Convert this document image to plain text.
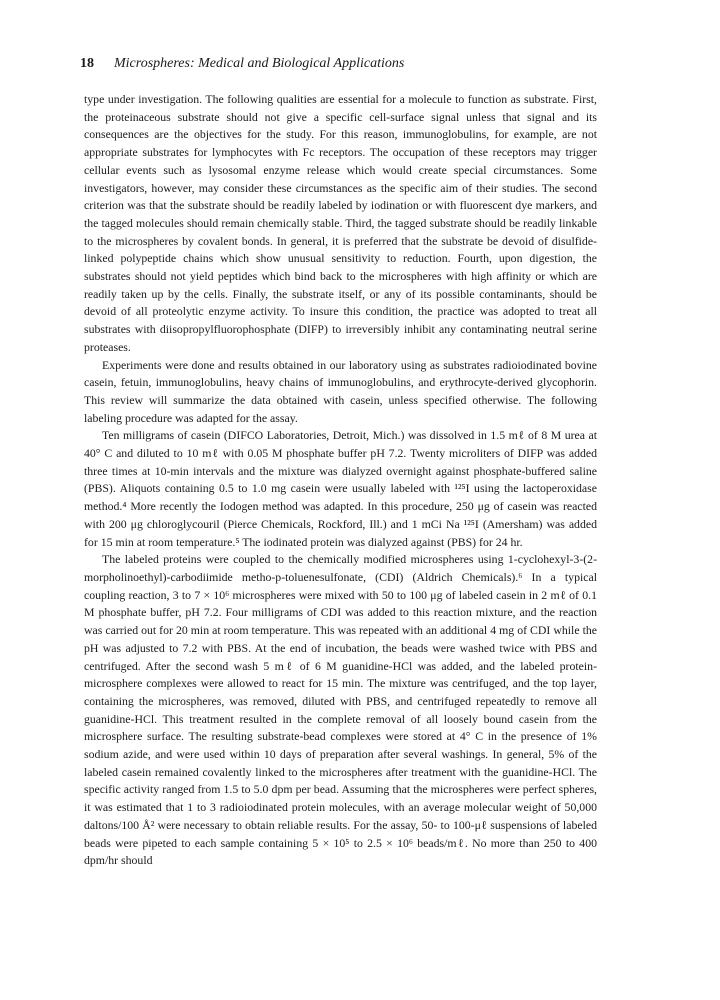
18 Microspheres: Medical and Biological Applications

type under investigation. The following qualities are essential for a molecule to function as substrate. First, the proteinaceous substrate should not give a specific cell-surface signal unless that signal and its consequences are the objectives for the study. For this reason, immunoglobulins, for example, are not appropriate substrates for lymphocytes with Fc receptors. The occupation of these receptors may trigger cellular events such as lysosomal enzyme release which would create special circumstances. Some investigators, however, may consider these circumstances as the specific aim of their studies. The second criterion was that the substrate should be readily labeled by iodination or with fluorescent dye markers, and the tagged molecules should remain chemically stable. Third, the tagged substrate should be readily linkable to the microspheres by covalent bonds. In general, it is preferred that the substrate be devoid of disulfide-linked polypeptide chains which show unusual sensitivity to reduction. Fourth, upon digestion, the substrates should not yield peptides which bind back to the microspheres with high affinity or which are readily taken up by the cells. Finally, the substrate itself, or any of its possible contaminants, should be devoid of all proteolytic enzyme activity. To insure this condition, the practice was adopted to treat all substrates with diisopropylfluorophosphate (DIFP) to irreversibly inhibit any contaminating neutral serine proteases.

Experiments were done and results obtained in our laboratory using as substrates radioiodinated bovine casein, fetuin, immunoglobulins, heavy chains of immunoglobulins, and erythrocyte-derived glycophorin. This review will summarize the data obtained with casein, unless specified otherwise. The following labeling procedure was adapted for the assay.

Ten milligrams of casein (DIFCO Laboratories, Detroit, Mich.) was dissolved in 1.5 mℓ of 8 M urea at 40° C and diluted to 10 mℓ with 0.05 M phosphate buffer pH 7.2. Twenty microliters of DIFP was added three times at 10-min intervals and the mixture was dialyzed overnight against phosphate-buffered saline (PBS). Aliquots containing 0.5 to 1.0 mg casein were usually labeled with ¹²⁵I using the lactoperoxidase method.⁴ More recently the Iodogen method was adapted. In this procedure, 250 μg of casein was reacted with 200 μg chloroglycouril (Pierce Chemicals, Rockford, Ill.) and 1 mCi Na ¹²⁵I (Amersham) was added for 15 min at room temperature.⁵ The iodinated protein was dialyzed against (PBS) for 24 hr.

The labeled proteins were coupled to the chemically modified microspheres using 1-cyclohexyl-3-(2-morpholinoethyl)-carbodiimide metho-p-toluenesulfonate, (CDI) (Aldrich Chemicals).⁶ In a typical coupling reaction, 3 to 7 × 10⁶ microspheres were mixed with 50 to 100 μg of labeled casein in 2 mℓ of 0.1 M phosphate buffer, pH 7.2. Four milligrams of CDI was added to this reaction mixture, and the reaction was carried out for 20 min at room temperature. This was repeated with an additional 4 mg of CDI while the pH was adjusted to 7.2 with PBS. At the end of incubation, the beads were washed twice with PBS and centrifuged. After the second wash 5 mℓ of 6 M guanidine-HCl was added, and the labeled protein-microsphere complexes were allowed to react for 15 min. The mixture was centrifuged, and the top layer, containing the microspheres, was removed, diluted with PBS, and centrifuged repeatedly to remove all guanidine-HCl. This treatment resulted in the complete removal of all loosely bound casein from the microsphere surface. The resulting substrate-bead complexes were stored at 4° C in the presence of 1% sodium azide, and were used within 10 days of preparation after several washings. In general, 5% of the labeled casein remained covalently linked to the microspheres after treatment with the guanidine-HCl. The specific activity ranged from 1.5 to 5.0 dpm per bead. Assuming that the microspheres were perfect spheres, it was estimated that 1 to 3 radioiodinated protein molecules, with an average molecular weight of 50,000 daltons/100 Å² were necessary to obtain reliable results. For the assay, 50- to 100-μℓ suspensions of labeled beads were pipeted to each sample containing 5 × 10⁵ to 2.5 × 10⁶ beads/mℓ. No more than 250 to 400 dpm/hr should
